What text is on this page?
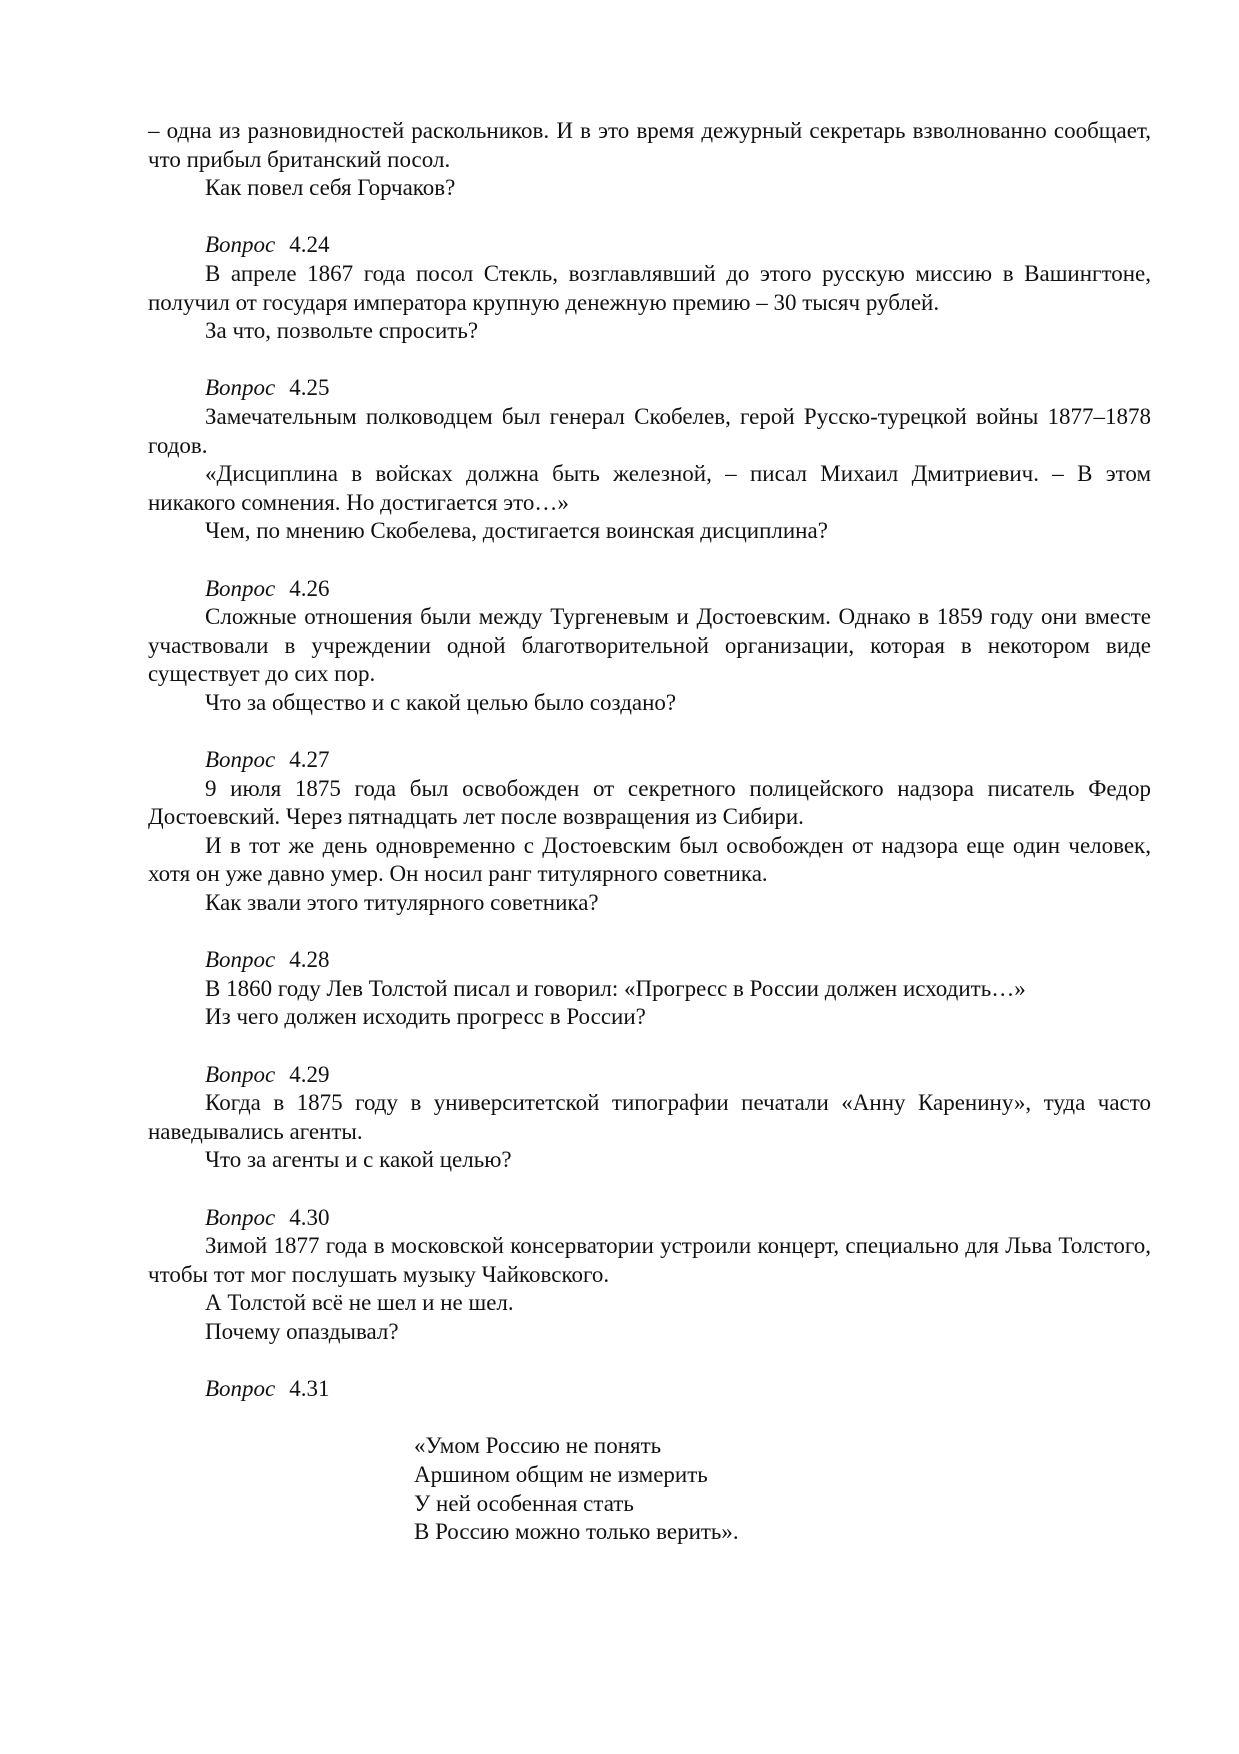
– одна из разновидностей раскольников. И в это время дежурный секретарь взволнованно сообщает, что прибыл британский посол.

Как повел себя Горчаков?

Вопрос 4.24

В апреле 1867 года посол Стекль, возглавлявший до этого русскую миссию в Вашингтоне, получил от государя императора крупную денежную премию – 30 тысяч рублей.

За что, позвольте спросить?

Вопрос 4.25

Замечательным полководцем был генерал Скобелев, герой Русско-турецкой войны 1877–1878 годов.

«Дисциплина в войсках должна быть железной, – писал Михаил Дмитриевич. – В этом никакого сомнения. Но достигается это…»

Чем, по мнению Скобелева, достигается воинская дисциплина?

Вопрос 4.26

Сложные отношения были между Тургеневым и Достоевским. Однако в 1859 году они вместе участвовали в учреждении одной благотворительной организации, которая в некотором виде существует до сих пор.

Что за общество и с какой целью было создано?

Вопрос 4.27

9 июля 1875 года был освобожден от секретного полицейского надзора писатель Федор Достоевский. Через пятнадцать лет после возвращения из Сибири.

И в тот же день одновременно с Достоевским был освобожден от надзора еще один человек, хотя он уже давно умер. Он носил ранг титулярного советника.

Как звали этого титулярного советника?

Вопрос 4.28

В 1860 году Лев Толстой писал и говорил: «Прогресс в России должен исходить…»

Из чего должен исходить прогресс в России?

Вопрос 4.29

Когда в 1875 году в университетской типографии печатали «Анну Каренину», туда часто наведывались агенты.

Что за агенты и с какой целью?

Вопрос 4.30

Зимой 1877 года в московской консерватории устроили концерт, специально для Льва Толстого, чтобы тот мог послушать музыку Чайковского.

А Толстой всё не шел и не шел.

Почему опаздывал?

Вопрос 4.31

«Умом Россию не понять

Аршином общим не измерить

У ней особенная стать

В Россию можно только верить».
